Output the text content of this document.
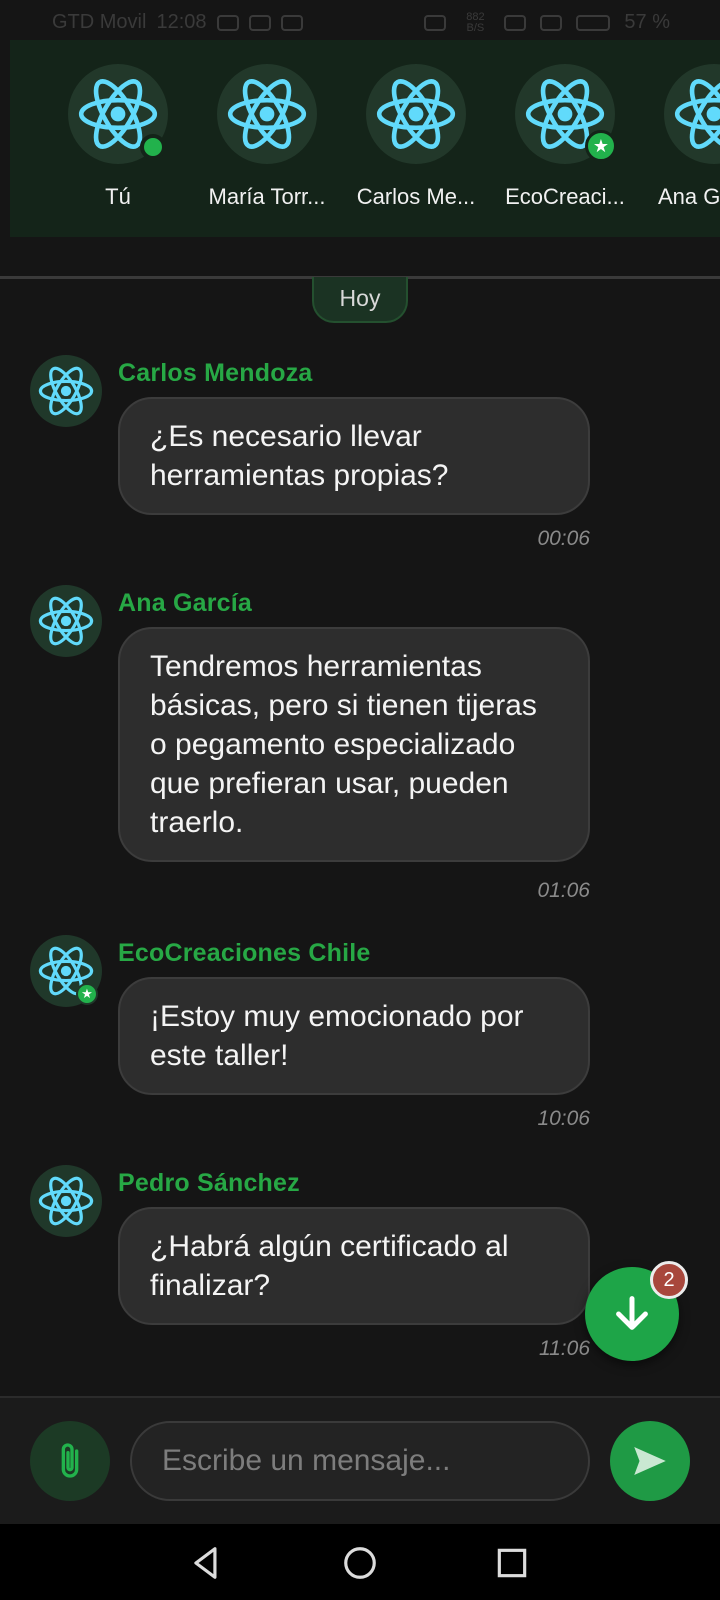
GTD Movil 12:08	882 B/S	57 %
Tú	María Torr... Carlos Me...
★
EcoCreaci...	Ana G
Hoy
Carlos Mendoza
¿Es necesario llevar herramientas propias?
00:06
Ana García
Tendremos herramientas básicas, pero si tienen tijeras o pegamento especializado que prefieran usar, pueden traerlo.
01:06
★
EcoCreaciones Chile
¡Estoy muy emocionado por este taller!
10:06
Pedro Sánchez
¿Habrá algún certificado al finalizar?
11:06
2
Escribe un mensaje...
